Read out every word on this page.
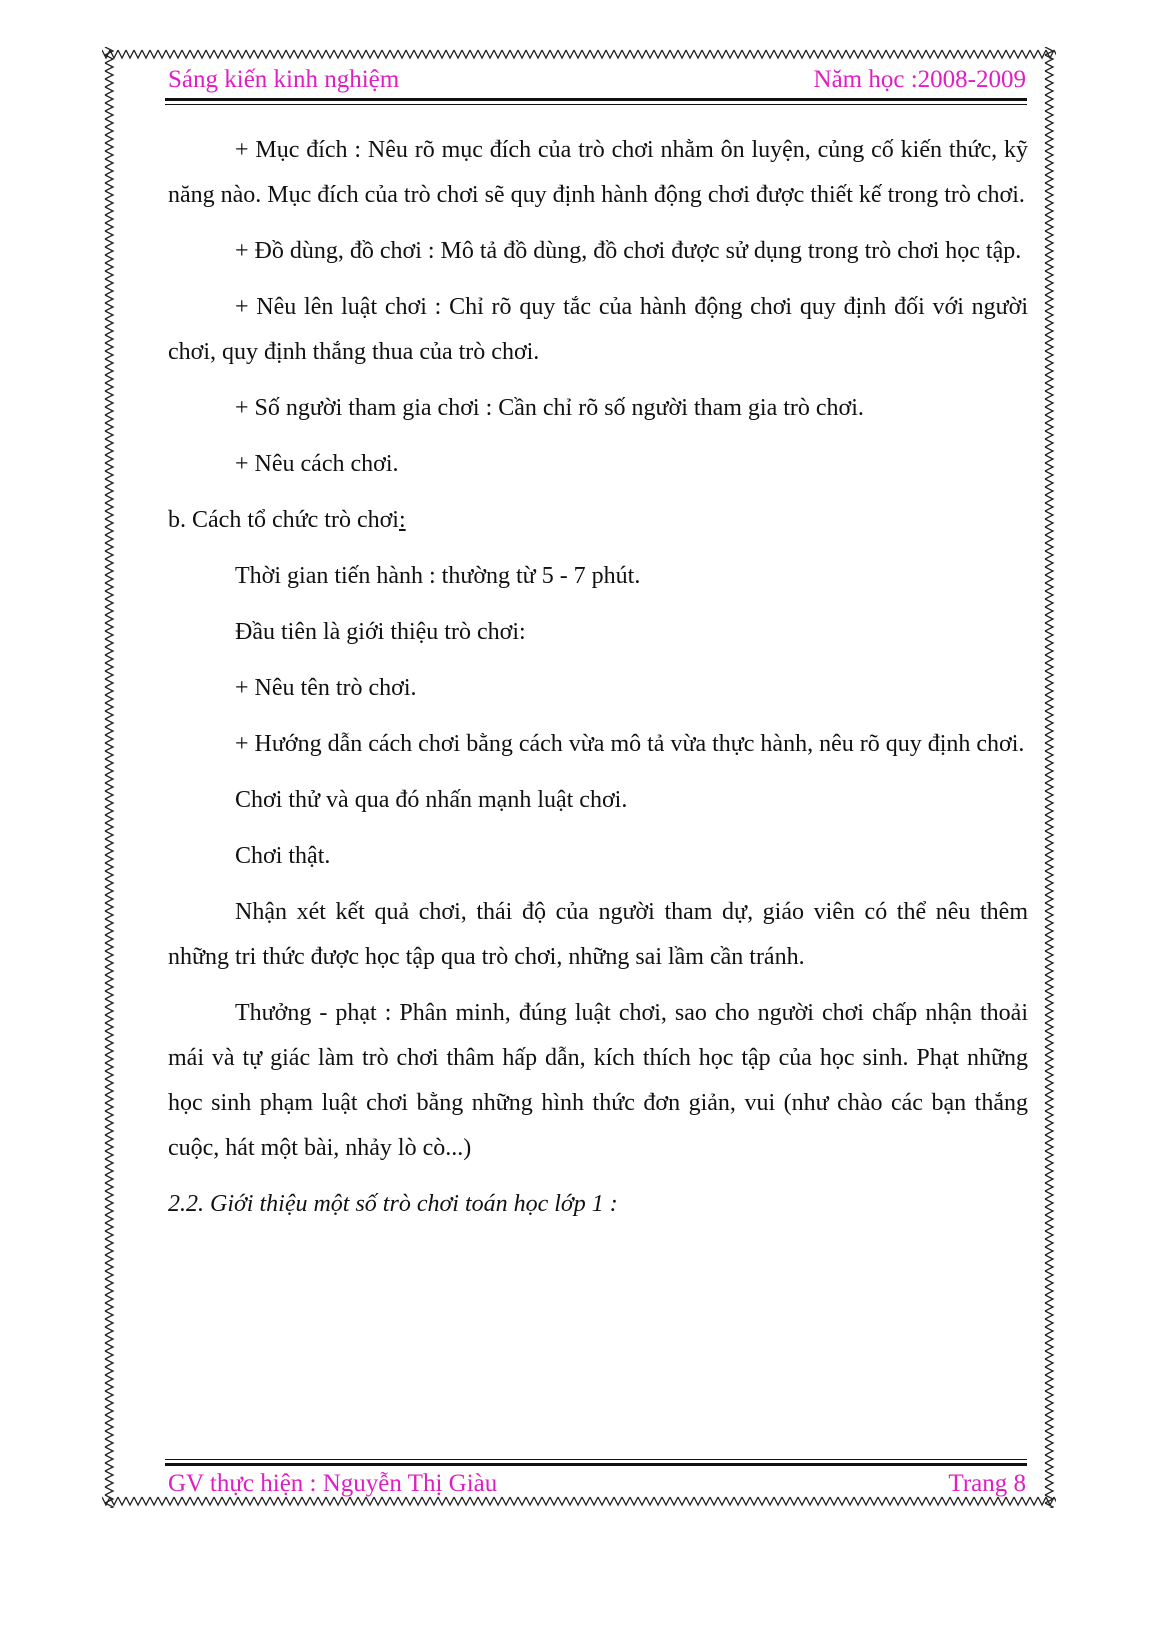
Sáng kiến kinh nghiệm	Năm học :2008-2009

+ Mục đích : Nêu rõ mục đích của trò chơi nhằm ôn luyện, củng cố kiến thức, kỹ năng nào. Mục đích của trò chơi sẽ quy định hành động chơi được thiết kế trong trò chơi.

+ Đồ dùng, đồ chơi : Mô tả đồ dùng, đồ chơi được sử dụng trong trò chơi học tập.

+ Nêu lên luật chơi : Chỉ rõ quy tắc của hành động chơi quy định đối với người chơi, quy định thắng thua của trò chơi.

+ Số người tham gia chơi : Cần chỉ rõ số người tham gia trò chơi.

+ Nêu cách chơi.

b. Cách tổ chức trò chơi:

Thời gian tiến hành : thường từ 5 - 7 phút.

Đầu tiên là giới thiệu trò chơi:

+ Nêu tên trò chơi.

+ Hướng dẫn cách chơi bằng cách vừa mô tả vừa thực hành, nêu rõ quy định chơi.

Chơi thử và qua đó nhấn mạnh luật chơi.

Chơi thật.

Nhận xét kết quả chơi, thái độ của người tham dự, giáo viên có thể nêu thêm những tri thức được học tập qua trò chơi, những sai lầm cần tránh.

Thưởng - phạt : Phân minh, đúng luật chơi, sao cho người chơi chấp nhận thoải mái và tự giác làm trò chơi thâm hấp dẫn, kích thích học tập của học sinh. Phạt những học sinh phạm luật chơi bằng những hình thức đơn giản, vui (như chào các bạn thắng cuộc, hát một bài, nhảy lò cò...)

2.2. Giới thiệu một số trò chơi toán học lớp 1 :

GV thực hiện : Nguyễn Thị Giàu	Trang 8
